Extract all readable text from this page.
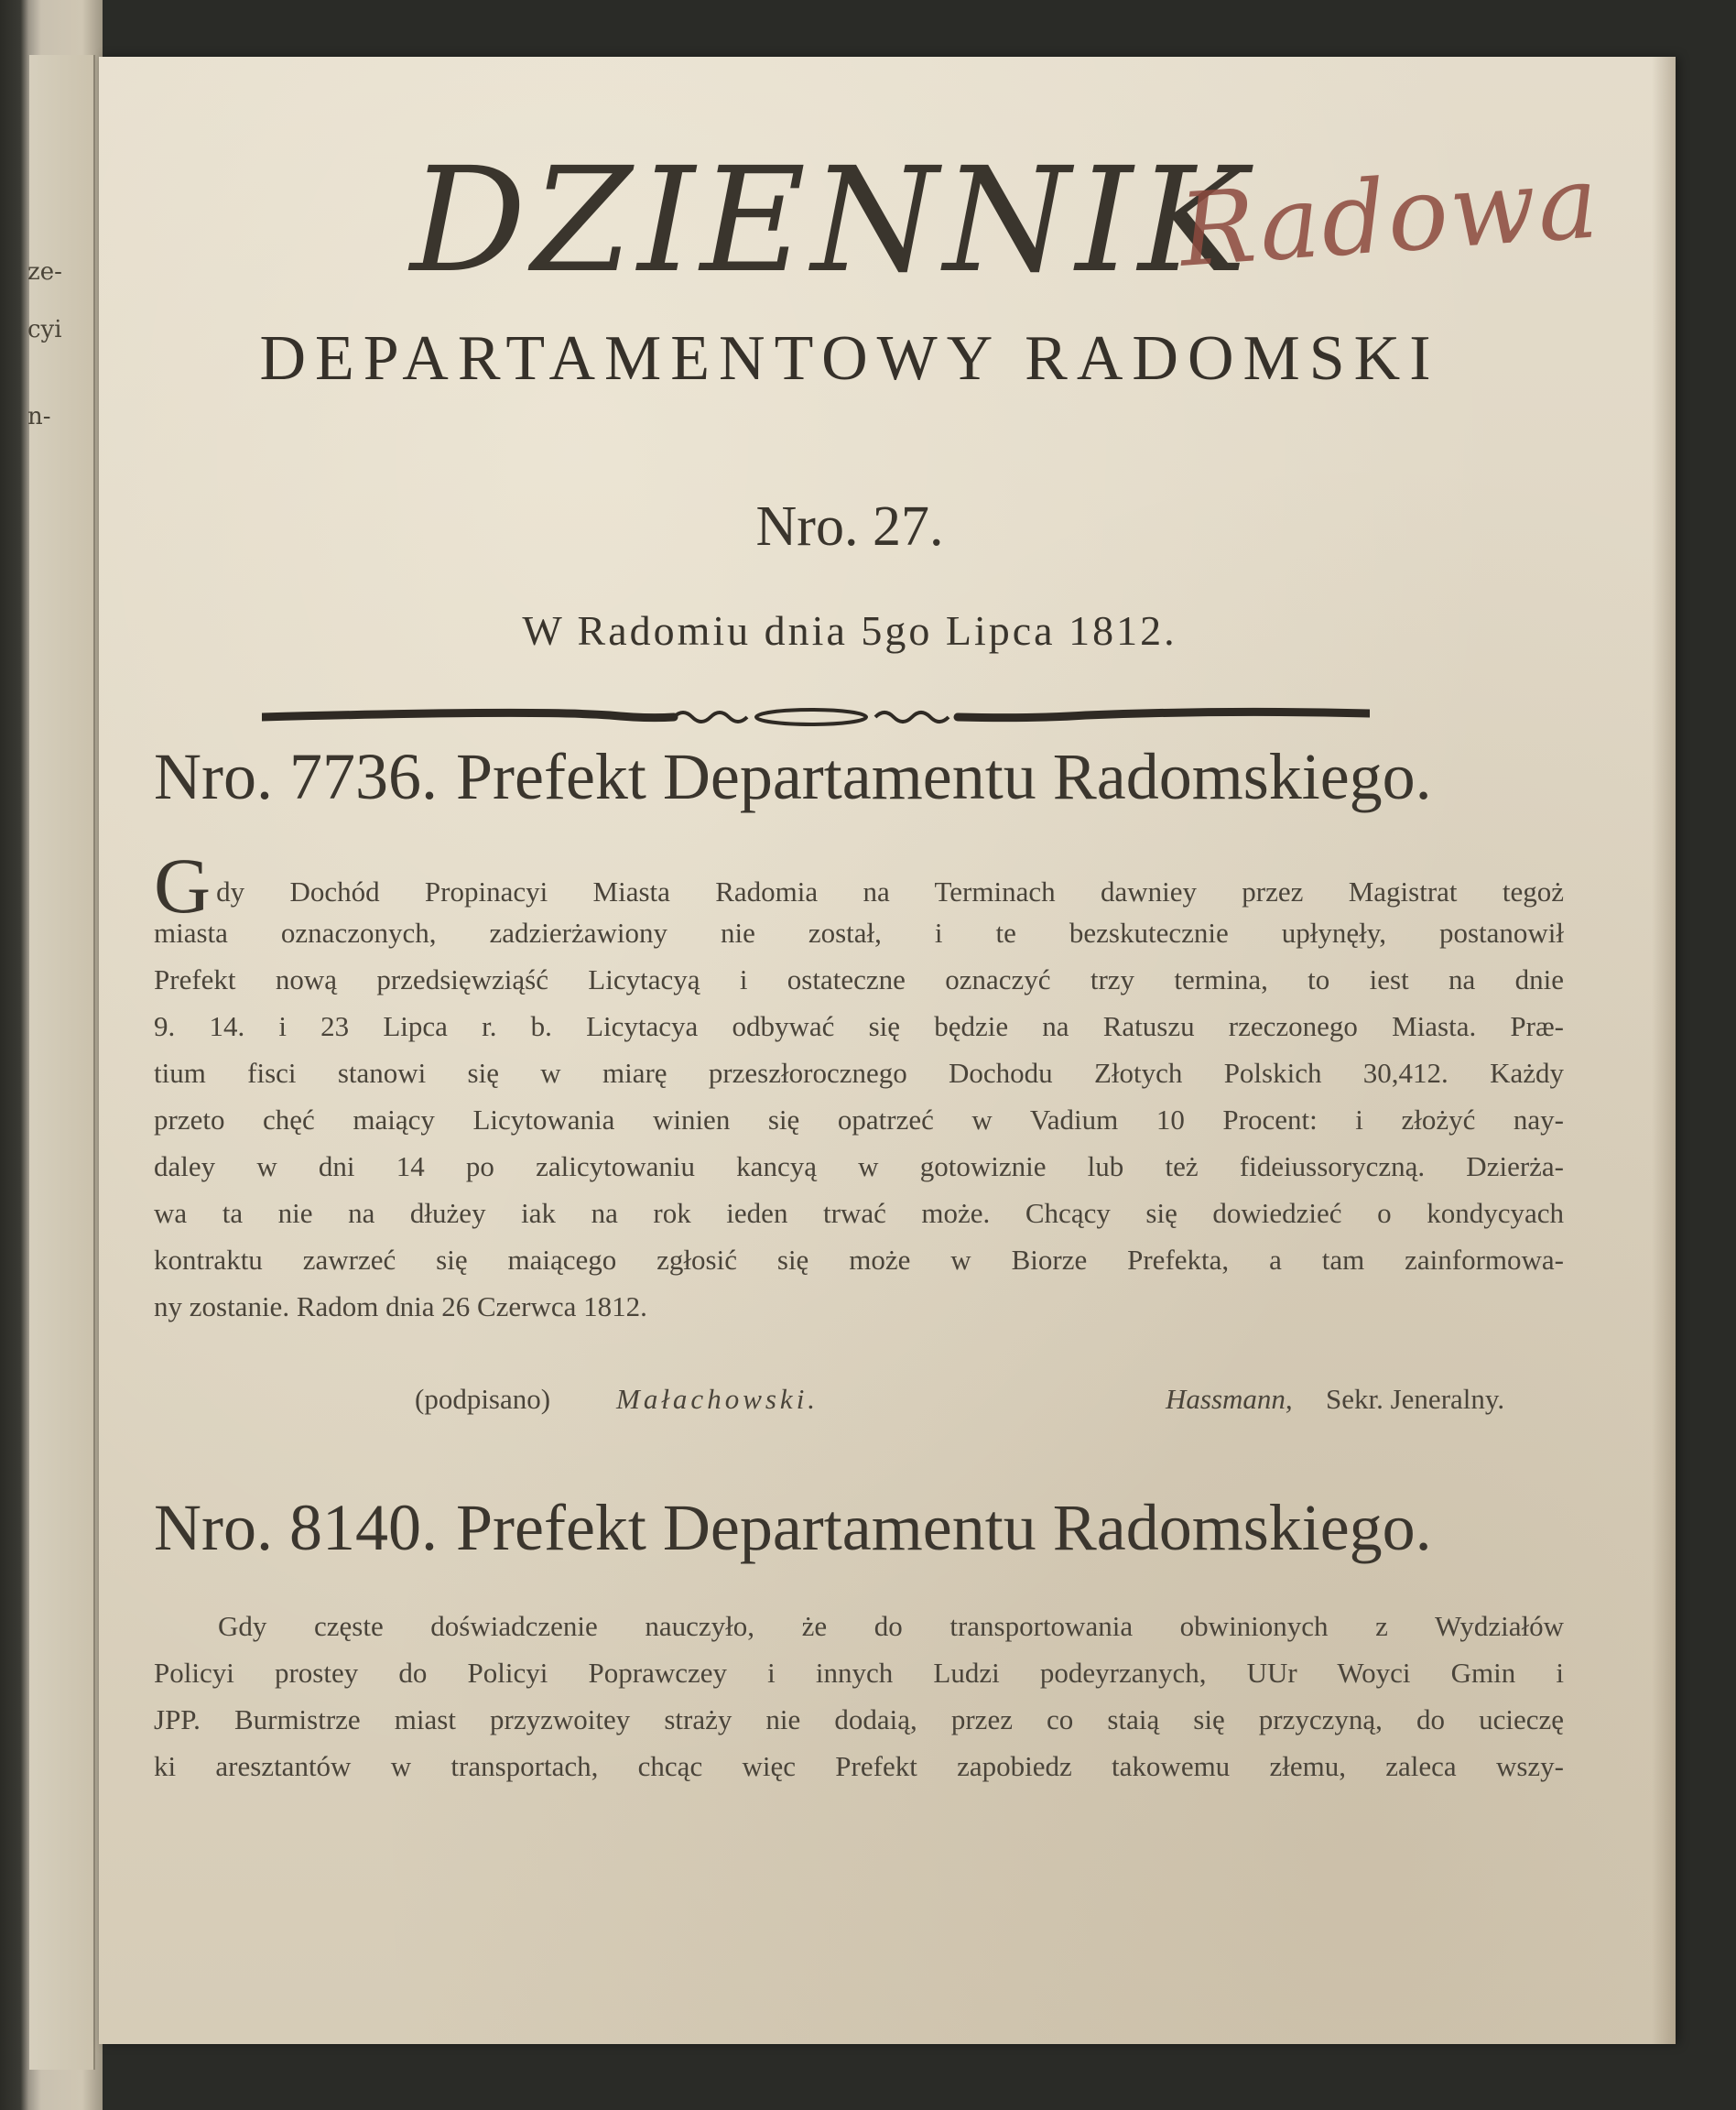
ze-
cyi
n-
DZIENNIK
Radowa
DEPARTAMENTOWY RADOMSKI
Nro. 27.
W Radomiu dnia 5go Lipca 1812.
Nro. 7736. Prefekt Departamentu Radomskiego.
Gdy Dochód Propinacyi Miasta Radomia na Terminach dawniey przez Magistrat tegoż
miasta oznaczonych, zadzierżawiony nie został, i te bezskutecznie upłynęły, postanowił
Prefekt nową przedsięwziąść Licytacyą i ostateczne oznaczyć trzy termina, to iest na dnie
9. 14. i 23 Lipca r. b. Licytacya odbywać się będzie na Ratuszu rzeczonego Miasta. Præ-
tium fisci stanowi się w miarę przeszłorocznego Dochodu Złotych Polskich 30,412. Każdy
przeto chęć maiący Licytowania winien się opatrzeć w Vadium 10 Procent: i złożyć nay-
daley w dni 14 po zalicytowaniu kancyą w gotowiznie lub też fideiussoryczną. Dzierża-
wa ta nie na dłużey iak na rok ieden trwać może. Chcący się dowiedzieć o kondycyach
kontraktu zawrzeć się maiącego zgłosić się może w Biorze Prefekta, a tam zainformowa-
ny zostanie. Radom dnia 26 Czerwca 1812.
(podpisano) Małachowski.	Hassmann, Sekr. Jeneralny.
Nro. 8140. Prefekt Departamentu Radomskiego.
Gdy częste doświadczenie nauczyło, że do transportowania obwinionych z Wydziałów
Policyi prostey do Policyi Poprawczey i innych Ludzi podeyrzanych, UUr Woyci Gmin i
JPP. Burmistrze miast przyzwoitey straży nie dodaią, przez co staią się przyczyną, do ucieczę
ki aresztantów w transportach, chcąc więc Prefekt zapobiedz takowemu złemu, zaleca wszy-
